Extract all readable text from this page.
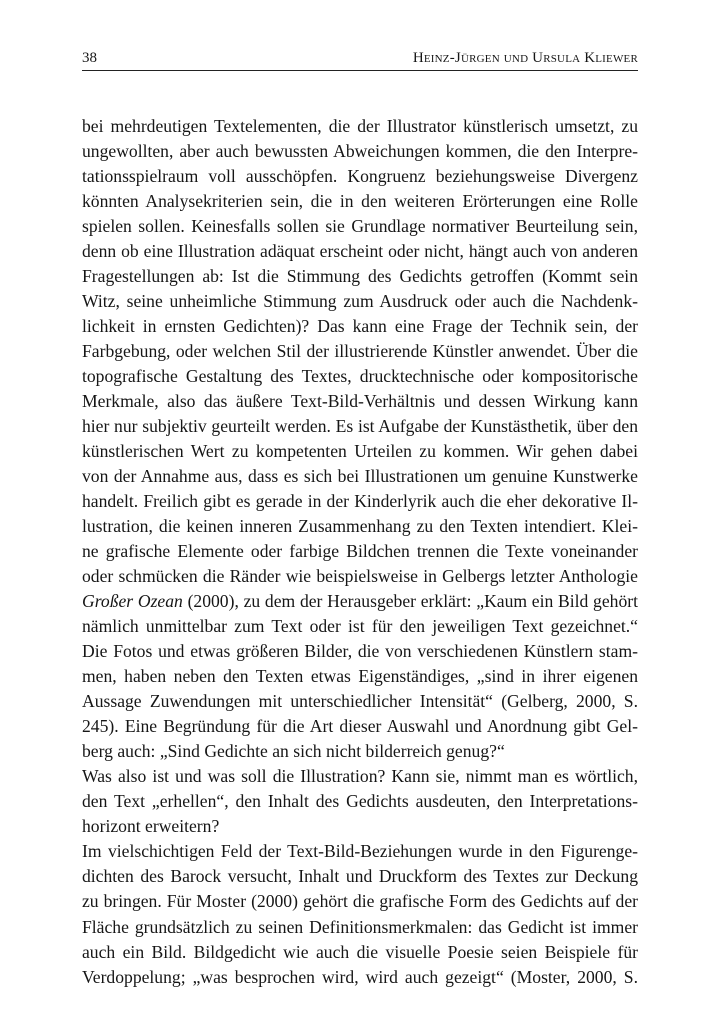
38	Heinz-Jürgen und Ursula Kliewer
bei mehrdeutigen Textelementen, die der Illustrator künstlerisch umsetzt, zu
ungewollten, aber auch bewussten Abweichungen kommen, die den Interpre-
tationsspielraum voll ausschöpfen. Kongruenz beziehungsweise Divergenz
könnten Analysekriterien sein, die in den weiteren Erörterungen eine Rolle
spielen sollen. Keinesfalls sollen sie Grundlage normativer Beurteilung sein,
denn ob eine Illustration adäquat erscheint oder nicht, hängt auch von anderen
Fragestellungen ab: Ist die Stimmung des Gedichts getroffen (Kommt sein
Witz, seine unheimliche Stimmung zum Ausdruck oder auch die Nachdenk-
lichkeit in ernsten Gedichten)? Das kann eine Frage der Technik sein, der
Farbgebung, oder welchen Stil der illustrierende Künstler anwendet. Über die
topografische Gestaltung des Textes, drucktechnische oder kompositorische
Merkmale, also das äußere Text-Bild-Verhältnis und dessen Wirkung kann
hier nur subjektiv geurteilt werden. Es ist Aufgabe der Kunstästhetik, über den
künstlerischen Wert zu kompetenten Urteilen zu kommen. Wir gehen dabei
von der Annahme aus, dass es sich bei Illustrationen um genuine Kunstwerke
handelt. Freilich gibt es gerade in der Kinderlyrik auch die eher dekorative Il-
lustration, die keinen inneren Zusammenhang zu den Texten intendiert. Klei-
ne grafische Elemente oder farbige Bildchen trennen die Texte voneinander
oder schmücken die Ränder wie beispielsweise in Gelbergs letzter Anthologie
Großer Ozean (2000), zu dem der Herausgeber erklärt: „Kaum ein Bild gehört
nämlich unmittelbar zum Text oder ist für den jeweiligen Text gezeichnet.“
Die Fotos und etwas größeren Bilder, die von verschiedenen Künstlern stam-
men, haben neben den Texten etwas Eigenständiges, „sind in ihrer eigenen
Aussage Zuwendungen mit unterschiedlicher Intensität“ (Gelberg, 2000, S.
245). Eine Begründung für die Art dieser Auswahl und Anordnung gibt Gel-
berg auch: „Sind Gedichte an sich nicht bilderreich genug?“
Was also ist und was soll die Illustration? Kann sie, nimmt man es wörtlich,
den Text „erhellen“, den Inhalt des Gedichts ausdeuten, den Interpretations-
horizont erweitern?
Im vielschichtigen Feld der Text-Bild-Beziehungen wurde in den Figurenge-
dichten des Barock versucht, Inhalt und Druckform des Textes zur Deckung
zu bringen. Für Moster (2000) gehört die grafische Form des Gedichts auf der
Fläche grundsätzlich zu seinen Definitionsmerkmalen: das Gedicht ist immer
auch ein Bild. Bildgedicht wie auch die visuelle Poesie seien Beispiele für
Verdoppelung; „was besprochen wird, wird auch gezeigt“ (Moster, 2000, S.
